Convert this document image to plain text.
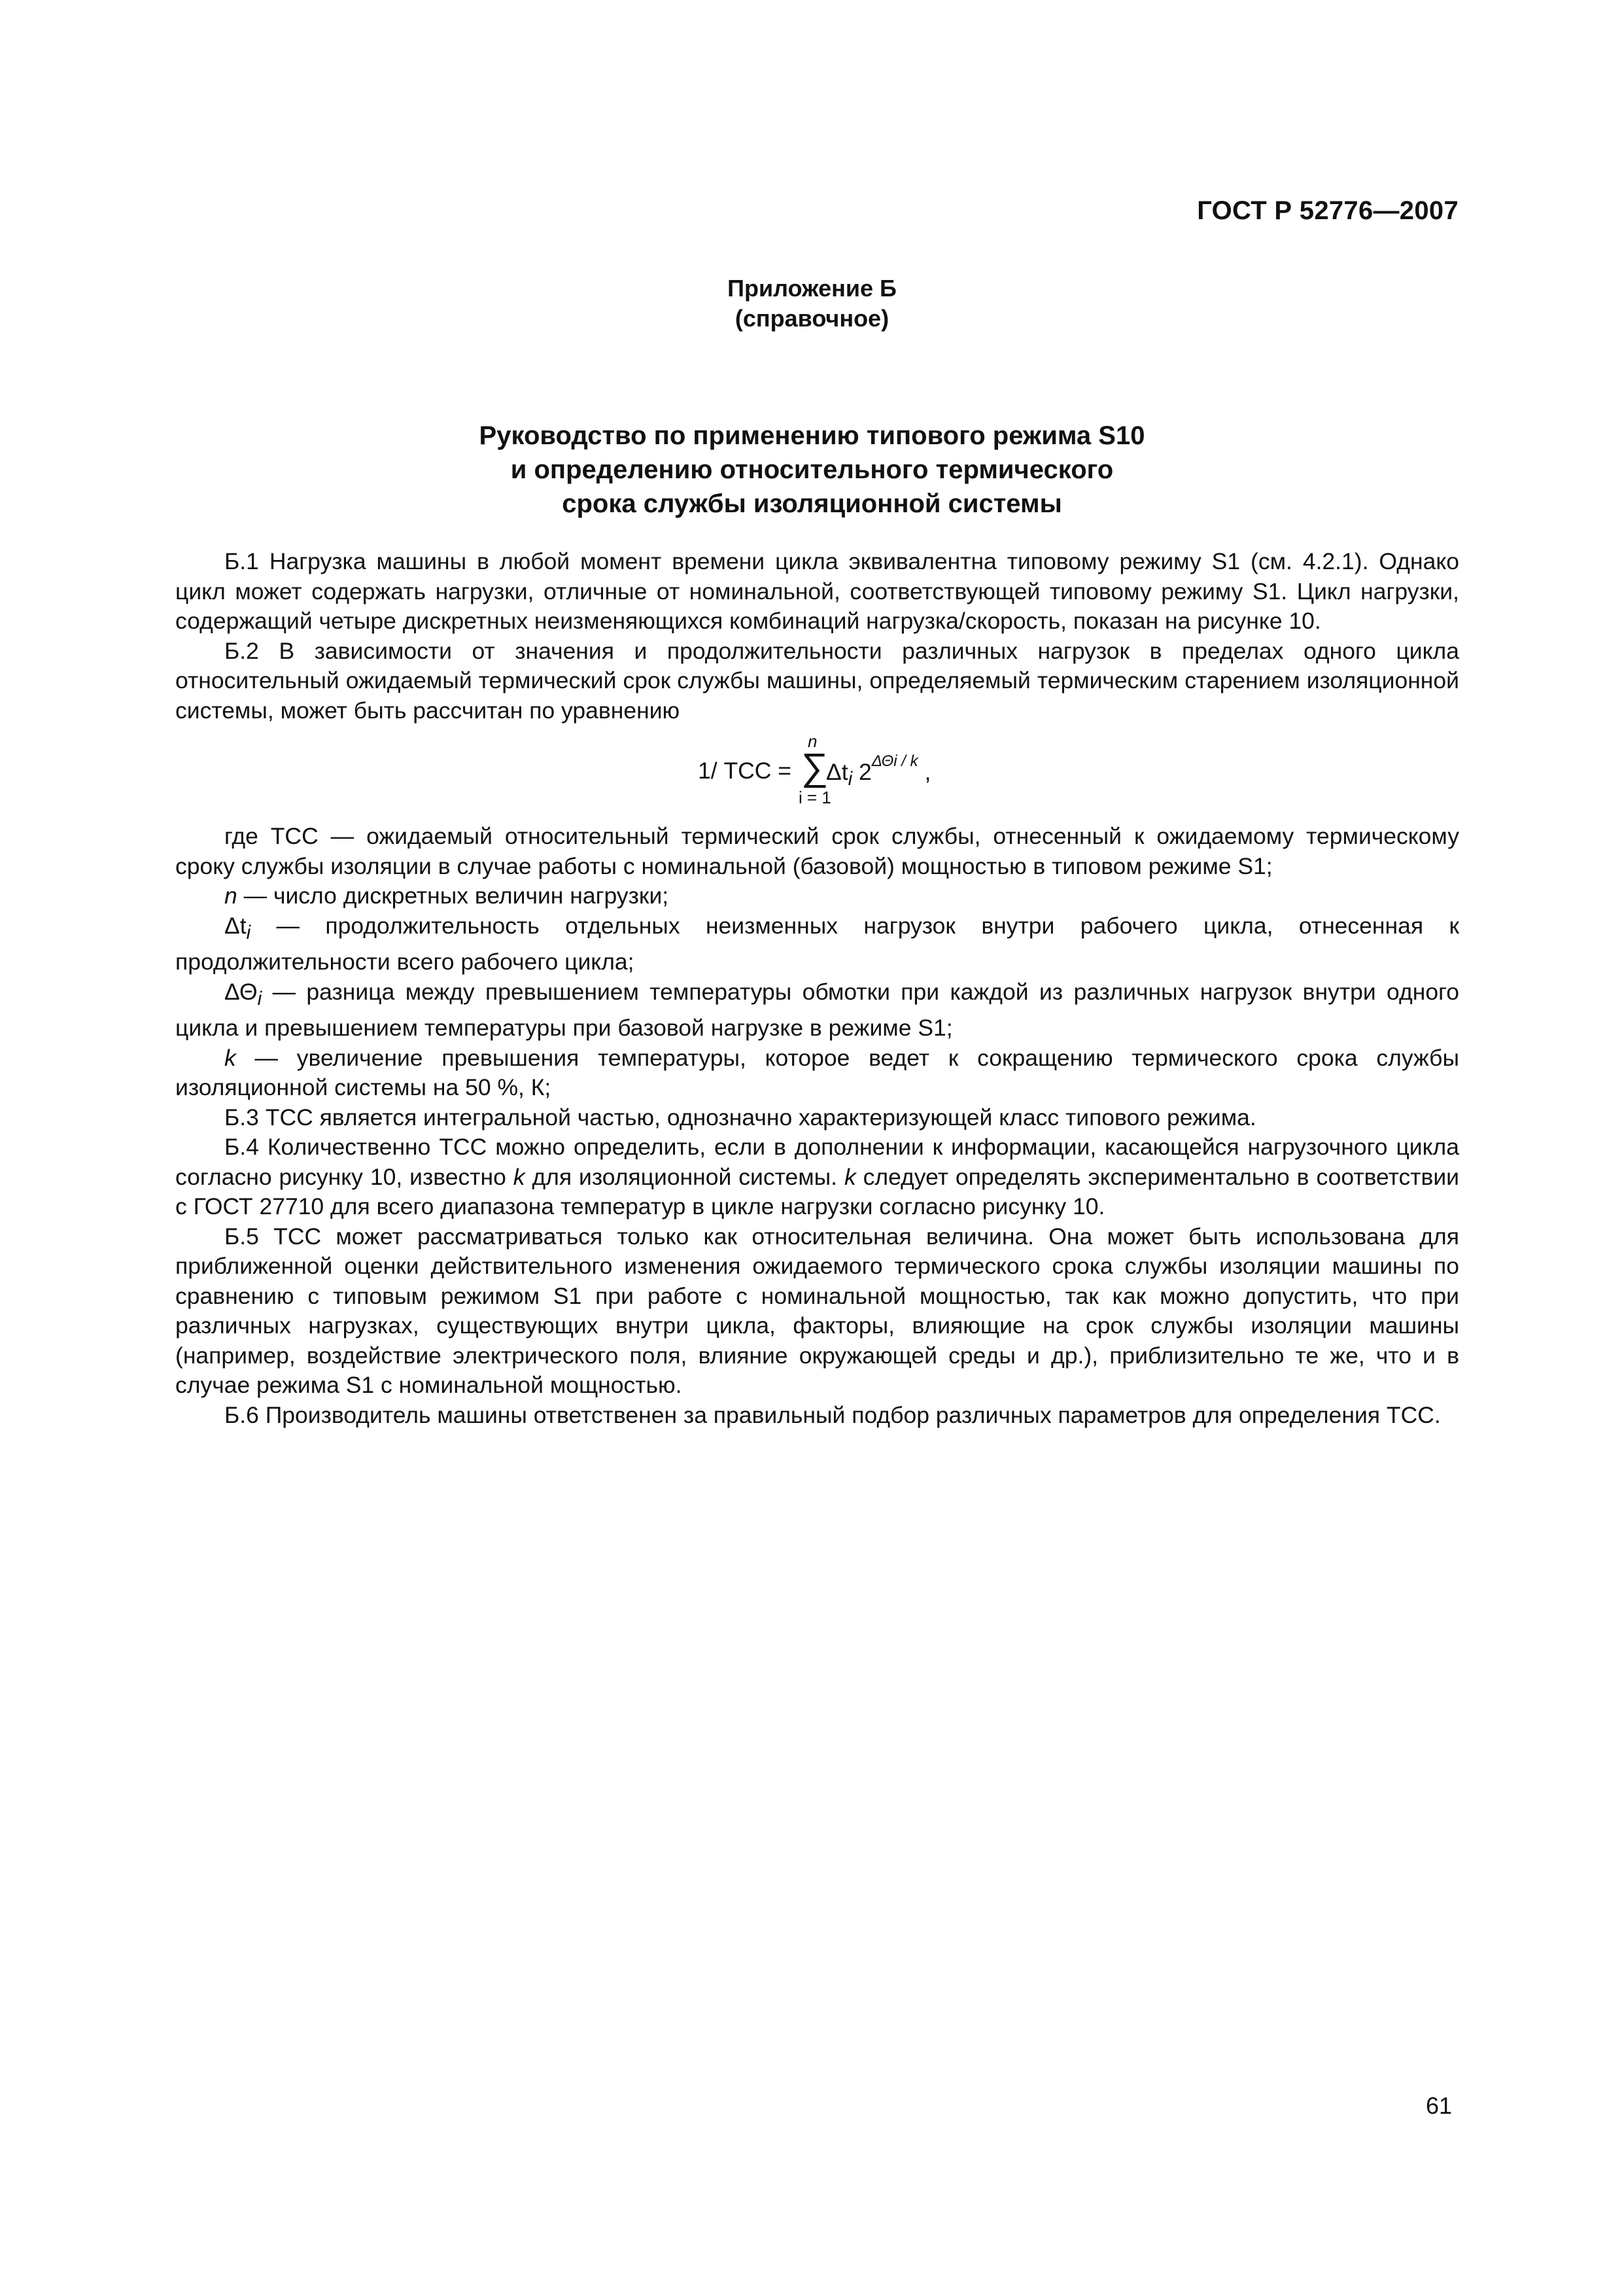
ГОСТ Р 52776—2007
Приложение Б
(справочное)
Руководство по применению типового режима S10
и определению относительного термического
срока службы изоляционной системы

Б.1 Нагрузка машины в любой момент времени цикла эквивалентна типовому режиму S1 (см. 4.2.1). Однако цикл может содержать нагрузки, отличные от номинальной, соответствующей типовому режиму S1. Цикл нагрузки, содержащий четыре дискретных неизменяющихся комбинаций нагрузка/скорость, показан на рисунке 10.

Б.2 В зависимости от значения и продолжительности различных нагрузок в пределах одного цикла относительный ожидаемый термический срок службы машины, определяемый термическим старением изоляционной системы, может быть рассчитан по уравнению

1/ ТСС =
n
∑
i = 1
$\Delta t_i$ $2^{\Delta\Theta i / k}$ ,

где ТСС — ожидаемый относительный термический срок службы, отнесенный к ожидаемому термическому сроку службы изоляции в случае работы с номинальной (базовой) мощностью в типовом режиме S1;

n — число дискретных величин нагрузки;

$\Delta t_i$ — продолжительность отдельных неизменных нагрузок внутри рабочего цикла, отнесенная к продолжительности всего рабочего цикла;

$\Delta\Theta_i$ — разница между превышением температуры обмотки при каждой из различных нагрузок внутри одного цикла и превышением температуры при базовой нагрузке в режиме S1;

k — увеличение превышения температуры, которое ведет к сокращению термического срока службы изоляционной системы на 50 %, К;

Б.3 ТСС является интегральной частью, однозначно характеризующей класс типового режима.

Б.4 Количественно ТСС можно определить, если в дополнении к информации, касающейся нагрузочного цикла согласно рисунку 10, известно k для изоляционной системы. k следует определять экспериментально в соответствии с ГОСТ 27710 для всего диапазона температур в цикле нагрузки согласно рисунку 10.

Б.5 ТСС может рассматриваться только как относительная величина. Она может быть использована для приближенной оценки действительного изменения ожидаемого термического срока службы изоляции машины по сравнению с типовым режимом S1 при работе с номинальной мощностью, так как можно допустить, что при различных нагрузках, существующих внутри цикла, факторы, влияющие на срок службы изоляции машины (например, воздействие электрического поля, влияние окружающей среды и др.), приблизительно те же, что и в случае режима S1 с номинальной мощностью.

Б.6 Производитель машины ответственен за правильный подбор различных параметров для определения ТСС.

61
